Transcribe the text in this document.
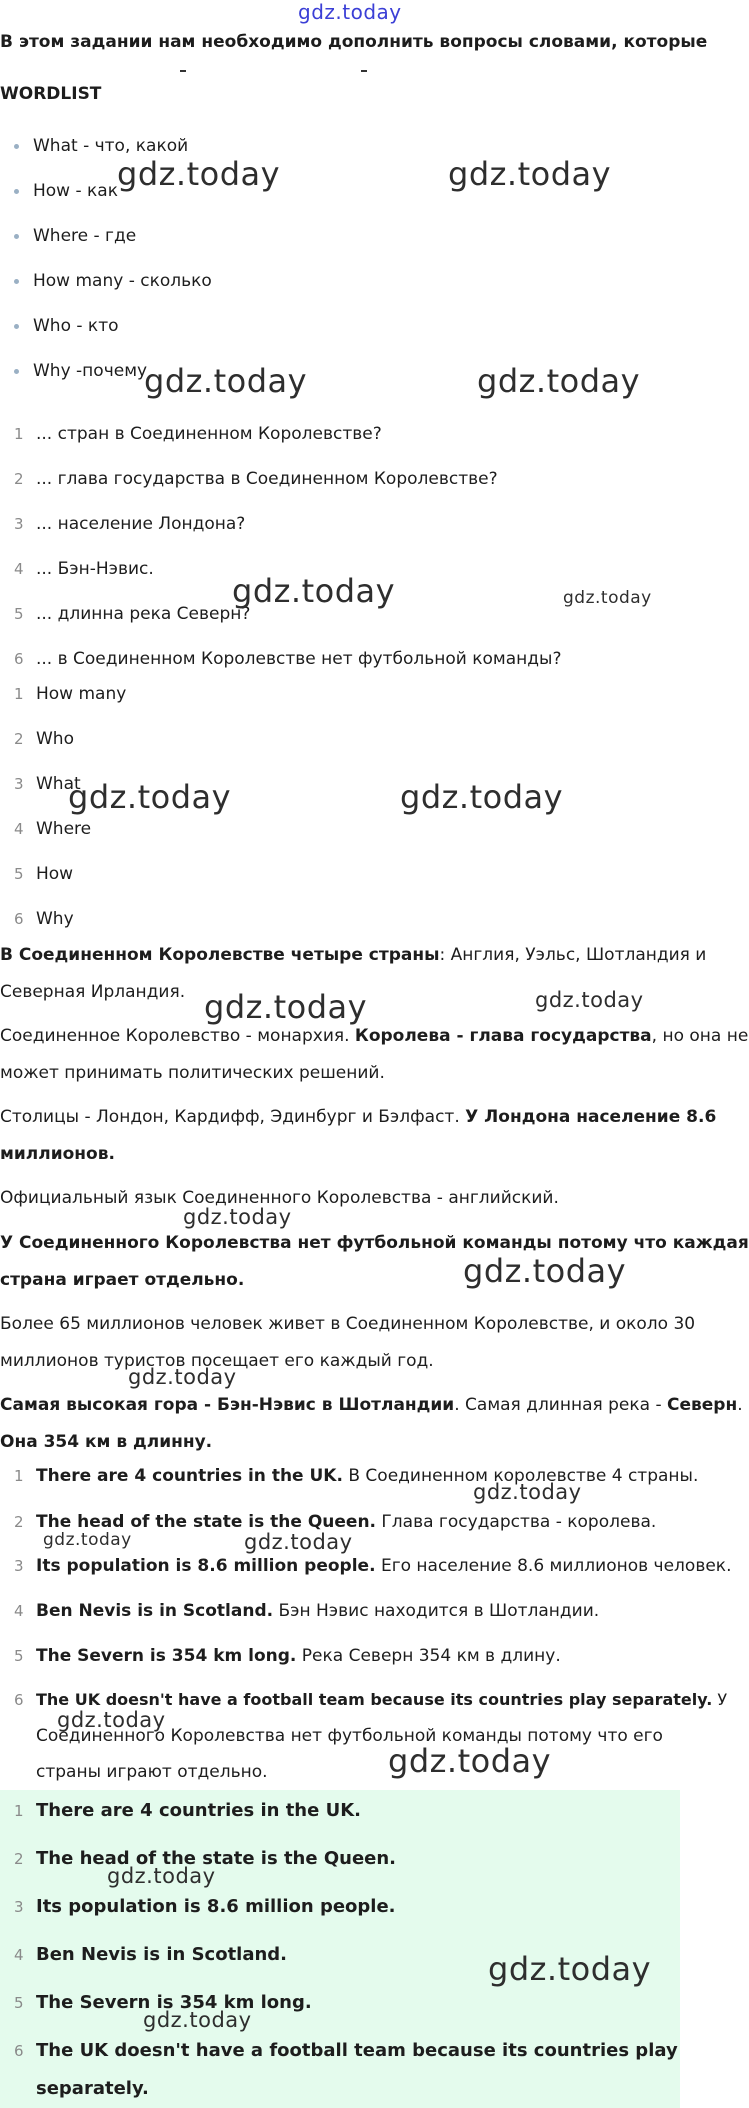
gdz.today
В этом задании нам необходимо дополнить вопросы словами, которые
WORDLIST
What - что, какой
How - как
Where - где
How many - сколько
Who - кто
Why -почему
1 ... стран в Соединенном Королевстве?
2 ... глава государства в Соединенном Королевстве?
3 ... население Лондона?
4 ... Бэн-Нэвис.
5 ... длинна река Северн?
6 ... в Соединенном Королевстве нет футбольной команды?
1 How many
2 Who
3 What
4 Where
5 How
6 Why
В Соединенном Королевстве четыре страны: Англия, Уэльс, Шотландия и
Северная Ирландия.
Соединенное Королевство - монархия. Королева - глава государства, но она не
может принимать политических решений.
Столицы - Лондон, Кардифф, Эдинбург и Бэлфаст. У Лондона население 8.6
миллионов.
Официальный язык Соединенного Королевства - английский.
У Соединенного Королевства нет футбольной команды потому что каждая
страна играет отдельно.
Более 65 миллионов человек живет в Соединенном Королевстве, и около 30
миллионов туристов посещает его каждый год.
Самая высокая гора - Бэн-Нэвис в Шотландии. Самая длинная река - Северн.
Она 354 км в длинну.
1 There are 4 countries in the UK. В Соединенном королевстве 4 страны.
2 The head of the state is the Queen. Глава государства - королева.
3 Its population is 8.6 million people. Его население 8.6 миллионов человек.
4 Ben Nevis is in Scotland. Бэн Нэвис находится в Шотландии.
5 The Severn is 354 km long. Река Северн 354 км в длину.
6 The UK doesn't have a football team because its countries play separately. У
Соединенного Королевства нет футбольной команды потому что его
страны играют отдельно.
1 There are 4 countries in the UK.
2 The head of the state is the Queen.
3 Its population is 8.6 million people.
4 Ben Nevis is in Scotland.
5 The Severn is 354 km long.
6 The UK doesn't have a football team because its countries play
separately.
gdz.today	gdz.today
gdz.today	gdz.today
gdz.today	gdz.today
gdz.today	gdz.today
gdz.today	gdz.today
gdz.today
gdz.today
gdz.today
gdz.today
gdz.today	gdz.today
gdz.today
gdz.today
gdz.today
gdz.today
gdz.today
